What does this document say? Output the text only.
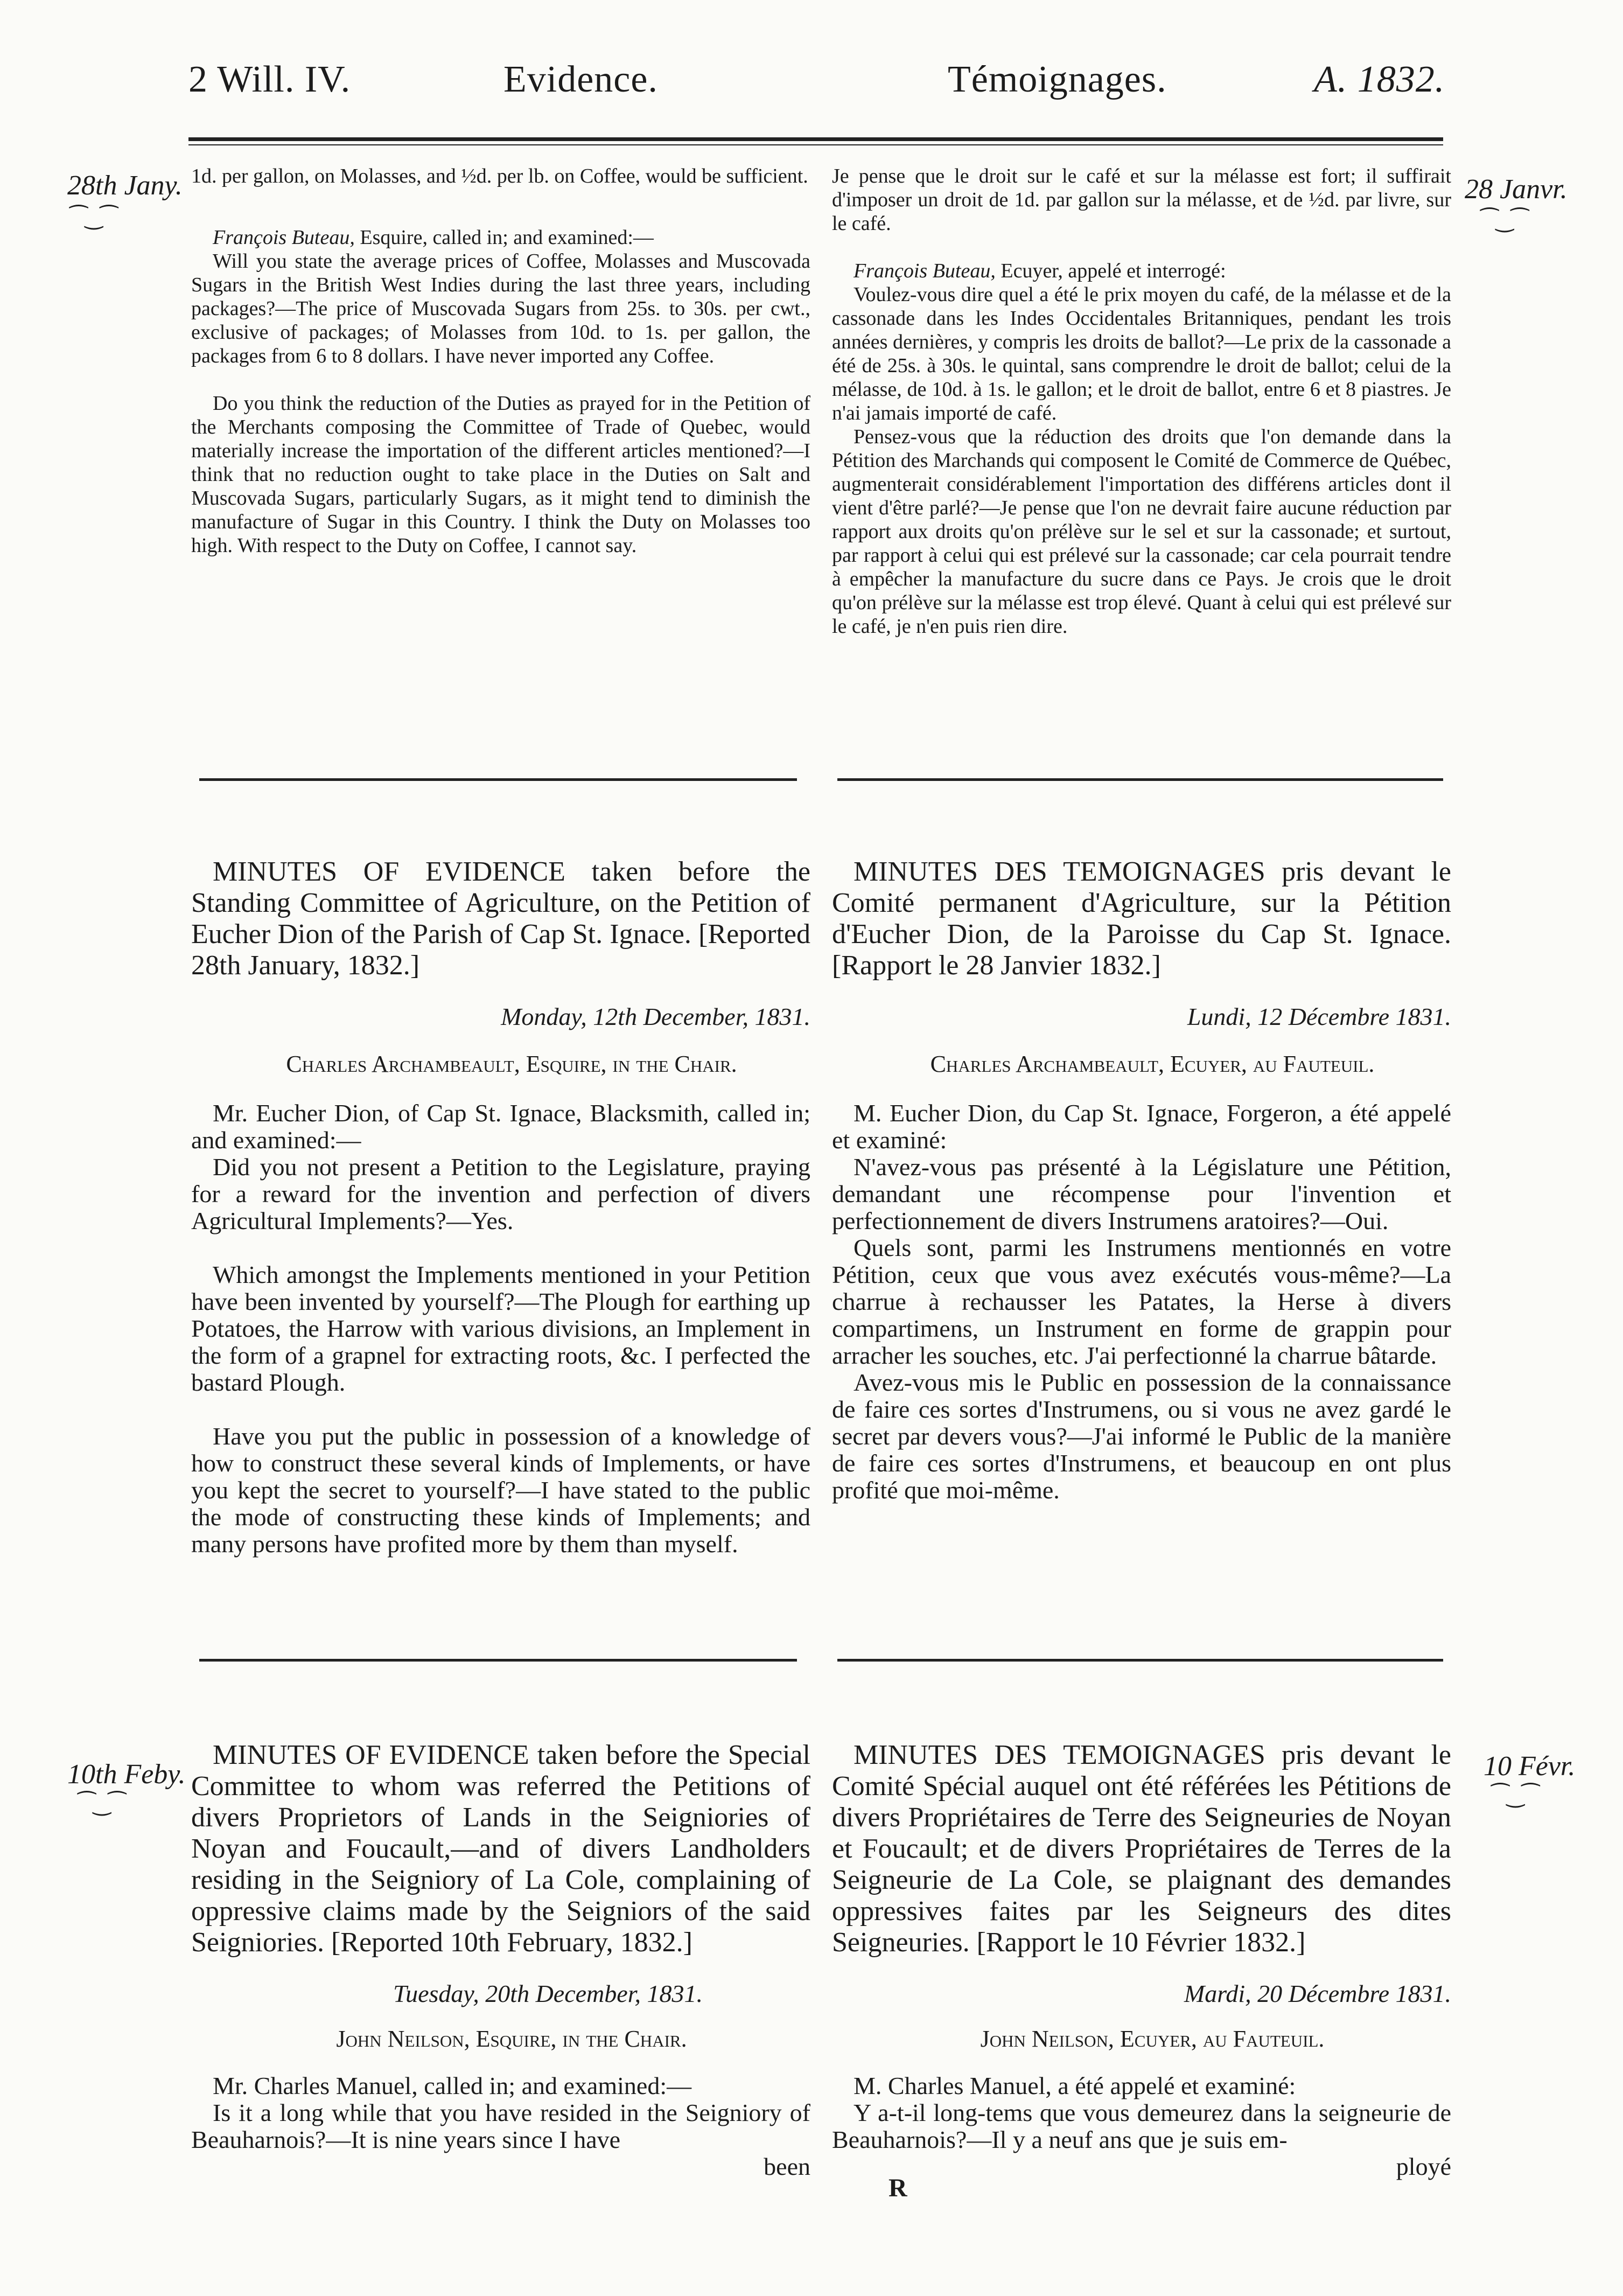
2 Will. IV.	Evidence.	Témoignages.	A. 1832.
28th Jany.
⁀‿⁀
28 Janvr.
⁀‿⁀
10th Feby.
⁀‿⁀
10 Févr.
⁀‿⁀

1d. per gallon, on Molasses, and ½d. per lb. on Coffee, would be sufficient.

François Buteau, Esquire, called in; and examined:—

Will you state the average prices of Coffee, Molasses and Muscovada Sugars in the British West Indies during the last three years, including packages?—The price of Muscovada Sugars from 25s. to 30s. per cwt., exclusive of packages; of Molasses from 10d. to 1s. per gallon, the packages from 6 to 8 dollars. I have never imported any Coffee.

Do you think the reduction of the Duties as prayed for in the Petition of the Merchants composing the Committee of Trade of Quebec, would materially increase the importation of the different articles mentioned?—I think that no reduction ought to take place in the Duties on Salt and Muscovada Sugars, particularly Sugars, as it might tend to diminish the manufacture of Sugar in this Country. I think the Duty on Molasses too high. With respect to the Duty on Coffee, I cannot say.

Je pense que le droit sur le café et sur la mélasse est fort; il suffirait d'imposer un droit de 1d. par gallon sur la mélasse, et de ½d. par livre, sur le café.

François Buteau, Ecuyer, appelé et interrogé:

Voulez-vous dire quel a été le prix moyen du café, de la mélasse et de la cassonade dans les Indes Occidentales Britanniques, pendant les trois années dernières, y compris les droits de ballot?—Le prix de la cassonade a été de 25s. à 30s. le quintal, sans comprendre le droit de ballot; celui de la mélasse, de 10d. à 1s. le gallon; et le droit de ballot, entre 6 et 8 piastres. Je n'ai jamais importé de café.

Pensez-vous que la réduction des droits que l'on demande dans la Pétition des Marchands qui composent le Comité de Commerce de Québec, augmenterait considérablement l'importation des différens articles dont il vient d'être parlé?—Je pense que l'on ne devrait faire aucune réduction par rapport aux droits qu'on prélève sur le sel et sur la cassonade; et surtout, par rapport à celui qui est prélevé sur la cassonade; car cela pourrait tendre à empêcher la manufacture du sucre dans ce Pays. Je crois que le droit qu'on prélève sur la mélasse est trop élevé. Quant à celui qui est prélevé sur le café, je n'en puis rien dire.

MINUTES OF EVIDENCE taken before the Standing Committee of Agriculture, on the Petition of Eucher Dion of the Parish of Cap St. Ignace. [Reported 28th January, 1832.]

Monday, 12th December, 1831.

Charles Archambeault, Esquire, in the Chair.

Mr. Eucher Dion, of Cap St. Ignace, Blacksmith, called in; and examined:—

Did you not present a Petition to the Legislature, praying for a reward for the invention and perfection of divers Agricultural Implements?—Yes.

Which amongst the Implements mentioned in your Petition have been invented by yourself?—The Plough for earthing up Potatoes, the Harrow with various divisions, an Implement in the form of a grapnel for extracting roots, &c. I perfected the bastard Plough.

Have you put the public in possession of a knowledge of how to construct these several kinds of Implements, or have you kept the secret to yourself?—I have stated to the public the mode of constructing these kinds of Implements; and many persons have profited more by them than myself.

MINUTES DES TEMOIGNAGES pris devant le Comité permanent d'Agriculture, sur la Pétition d'Eucher Dion, de la Paroisse du Cap St. Ignace. [Rapport le 28 Janvier 1832.]

Lundi, 12 Décembre 1831.

Charles Archambeault, Ecuyer, au Fauteuil.

M. Eucher Dion, du Cap St. Ignace, Forgeron, a été appelé et examiné:

N'avez-vous pas présenté à la Législature une Pétition, demandant une récompense pour l'invention et perfectionnement de divers Instrumens aratoires?—Oui.

Quels sont, parmi les Instrumens mentionnés en votre Pétition, ceux que vous avez exécutés vous-même?—La charrue à rechausser les Patates, la Herse à divers compartimens, un Instrument en forme de grappin pour arracher les souches, etc. J'ai perfectionné la charrue bâtarde.

Avez-vous mis le Public en possession de la connaissance de faire ces sortes d'Instrumens, ou si vous ne avez gardé le secret par devers vous?—J'ai informé le Public de la manière de faire ces sortes d'Instrumens, et beaucoup en ont plus profité que moi-même.

MINUTES OF EVIDENCE taken before the Special Committee to whom was referred the Petitions of divers Proprietors of Lands in the Seigniories of Noyan and Foucault,—and of divers Landholders residing in the Seigniory of La Cole, complaining of oppressive claims made by the Seigniors of the said Seigniories. [Reported 10th February, 1832.]

Tuesday, 20th December, 1831.

John Neilson, Esquire, in the Chair.

Mr. Charles Manuel, called in; and examined:—

Is it a long while that you have resided in the Seigniory of Beauharnois?—It is nine years since I have

been

MINUTES DES TEMOIGNAGES pris devant le Comité Spécial auquel ont été référées les Pétitions de divers Propriétaires de Terre des Seigneuries de Noyan et Foucault; et de divers Propriétaires de Terres de la Seigneurie de La Cole, se plaignant des demandes oppressives faites par les Seigneurs des dites Seigneuries. [Rapport le 10 Février 1832.]

Mardi, 20 Décembre 1831.

John Neilson, Ecuyer, au Fauteuil.

M. Charles Manuel, a été appelé et examiné:

Y a-t-il long-tems que vous demeurez dans la seigneurie de Beauharnois?—Il y a neuf ans que je suis em-

ployé

R
